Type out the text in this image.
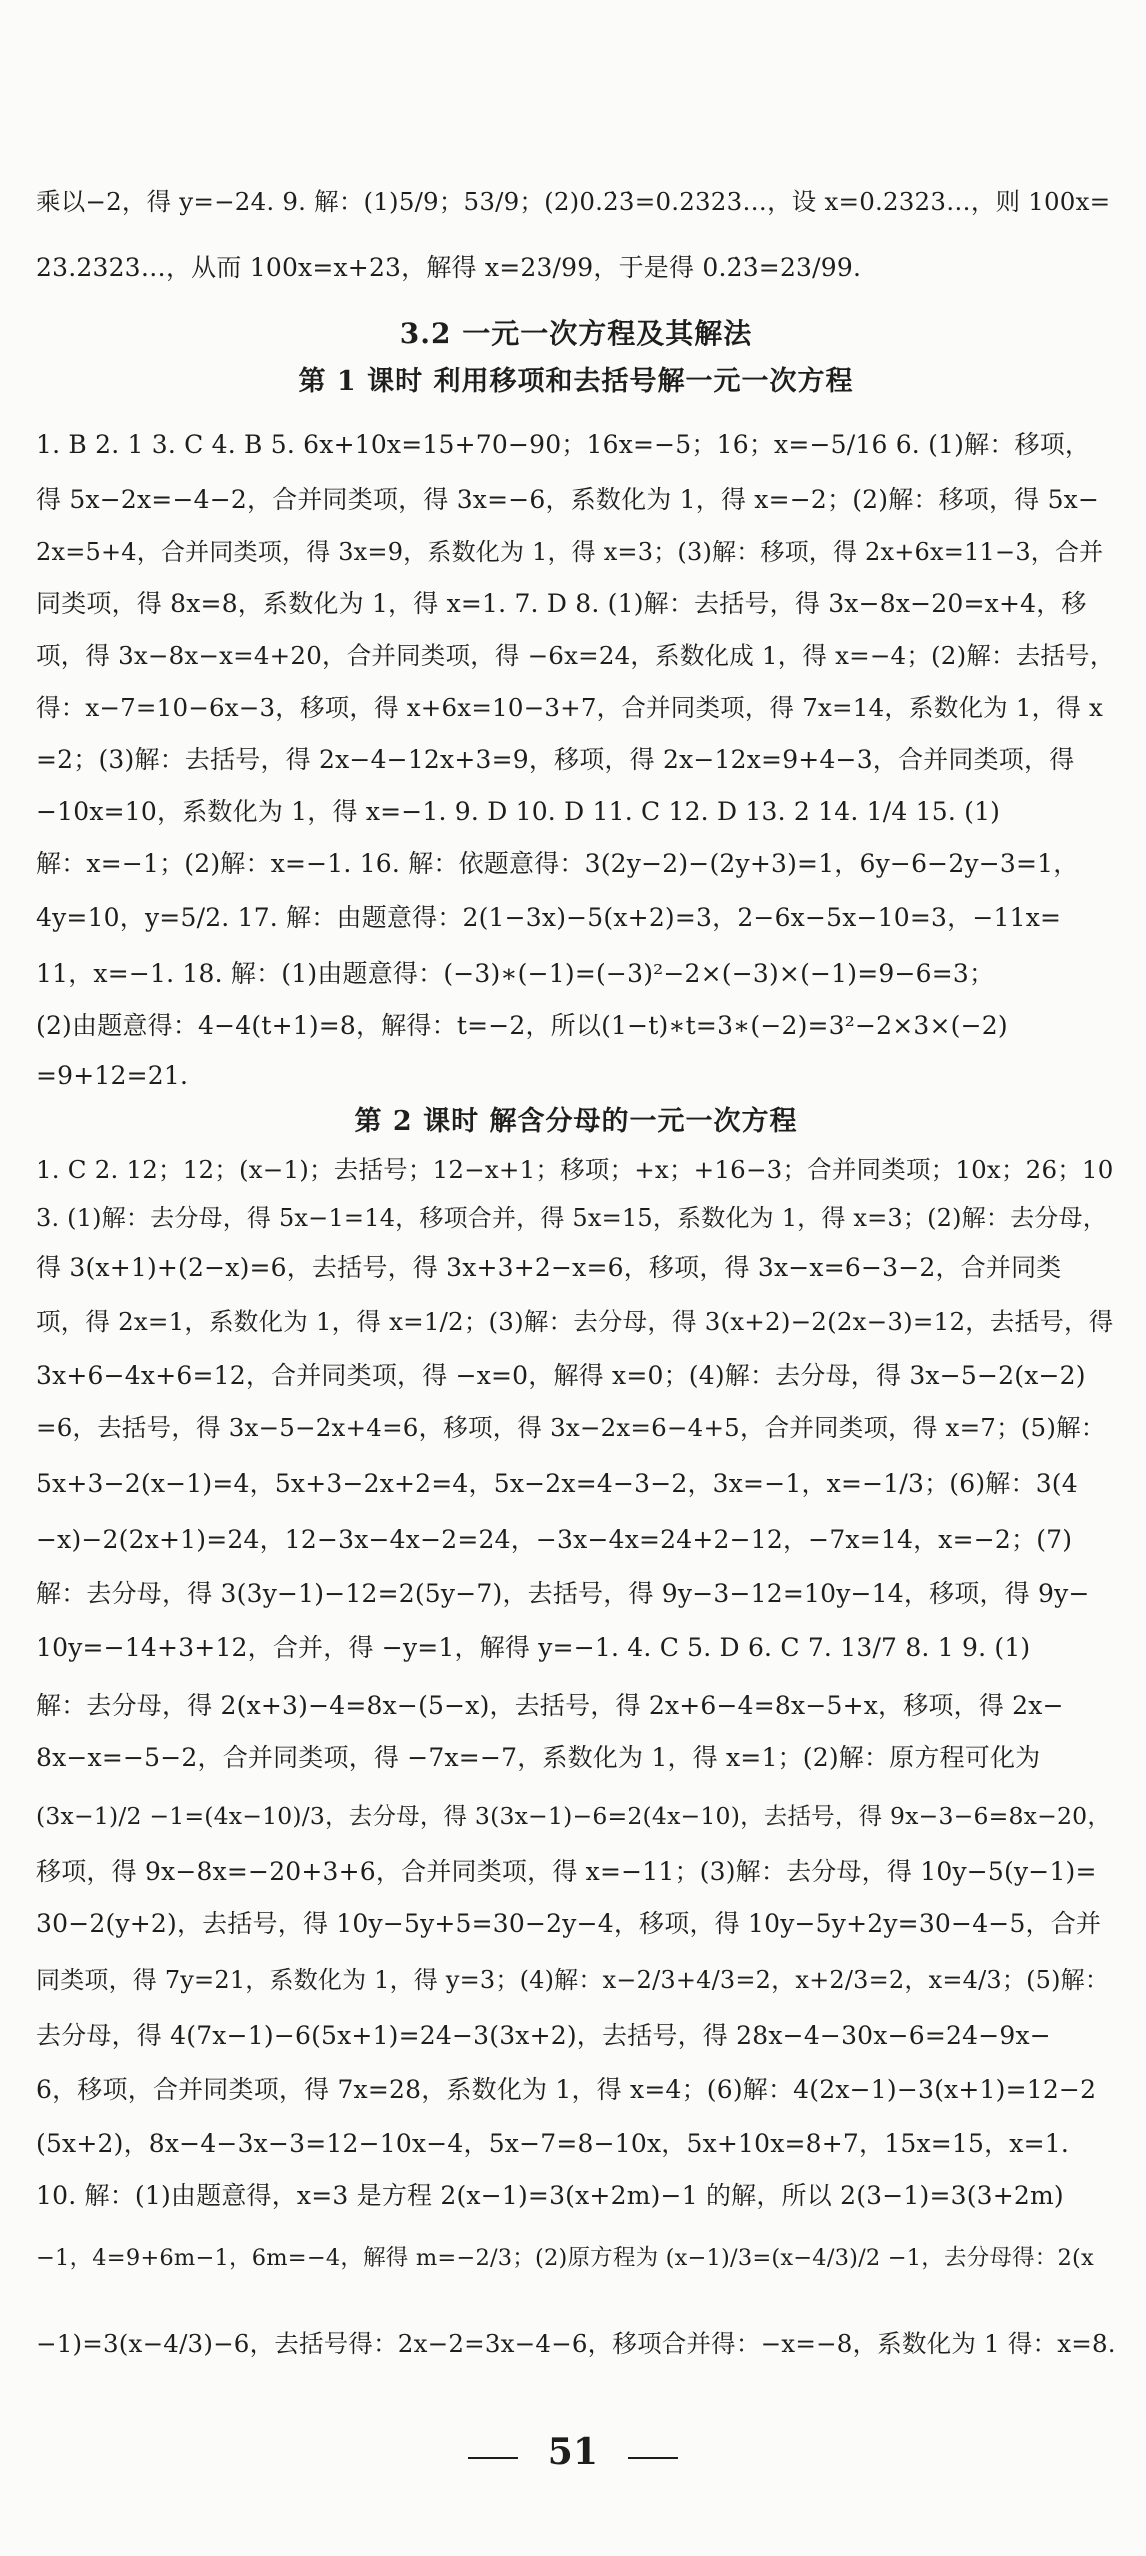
乘以−2，得 y=−24. 9. 解：(1)5/9；53/9；(2)0.2̇3̇=0.2323…，设 x=0.2323…，则 100x=
23.2323…，从而 100x=x+23，解得 x=23/99，于是得 0.2̇3̇=23/99.
3.2 一元一次方程及其解法
第 1 课时 利用移项和去括号解一元一次方程
1. B 2. 1 3. C 4. B 5. 6x+10x=15+70−90；16x=−5；16；x=−5/16 6. (1)解：移项，
得 5x−2x=−4−2，合并同类项，得 3x=−6，系数化为 1，得 x=−2；(2)解：移项，得 5x−
2x=5+4，合并同类项，得 3x=9，系数化为 1，得 x=3；(3)解：移项，得 2x+6x=11−3，合并
同类项，得 8x=8，系数化为 1，得 x=1. 7. D 8. (1)解：去括号，得 3x−8x−20=x+4，移
项，得 3x−8x−x=4+20，合并同类项，得 −6x=24，系数化成 1，得 x=−4；(2)解：去括号，
得：x−7=10−6x−3，移项，得 x+6x=10−3+7，合并同类项，得 7x=14，系数化为 1，得 x
=2；(3)解：去括号，得 2x−4−12x+3=9，移项，得 2x−12x=9+4−3，合并同类项，得
−10x=10，系数化为 1，得 x=−1. 9. D 10. D 11. C 12. D 13. 2 14. 1/4 15. (1)
解：x=−1；(2)解：x=−1. 16. 解：依题意得：3(2y−2)−(2y+3)=1，6y−6−2y−3=1，
4y=10，y=5/2. 17. 解：由题意得：2(1−3x)−5(x+2)=3，2−6x−5x−10=3，−11x=
11，x=−1. 18. 解：(1)由题意得：(−3)∗(−1)=(−3)²−2×(−3)×(−1)=9−6=3；
(2)由题意得：4−4(t+1)=8，解得：t=−2，所以(1−t)∗t=3∗(−2)=3²−2×3×(−2)
=9+12=21.
第 2 课时 解含分母的一元一次方程
1. C 2. 12；12；(x−1)；去括号；12−x+1；移项；+x；+16−3；合并同类项；10x；26；10
3. (1)解：去分母，得 5x−1=14，移项合并，得 5x=15，系数化为 1，得 x=3；(2)解：去分母，
得 3(x+1)+(2−x)=6，去括号，得 3x+3+2−x=6，移项，得 3x−x=6−3−2，合并同类
项，得 2x=1，系数化为 1，得 x=1/2；(3)解：去分母，得 3(x+2)−2(2x−3)=12，去括号，得
3x+6−4x+6=12，合并同类项，得 −x=0，解得 x=0；(4)解：去分母，得 3x−5−2(x−2)
=6，去括号，得 3x−5−2x+4=6，移项，得 3x−2x=6−4+5，合并同类项，得 x=7；(5)解：
5x+3−2(x−1)=4，5x+3−2x+2=4，5x−2x=4−3−2，3x=−1，x=−1/3；(6)解：3(4
−x)−2(2x+1)=24，12−3x−4x−2=24，−3x−4x=24+2−12，−7x=14，x=−2；(7)
解：去分母，得 3(3y−1)−12=2(5y−7)，去括号，得 9y−3−12=10y−14，移项，得 9y−
10y=−14+3+12，合并，得 −y=1，解得 y=−1. 4. C 5. D 6. C 7. 13/7 8. 1 9. (1)
解：去分母，得 2(x+3)−4=8x−(5−x)，去括号，得 2x+6−4=8x−5+x，移项，得 2x−
8x−x=−5−2，合并同类项，得 −7x=−7，系数化为 1，得 x=1；(2)解：原方程可化为
(3x−1)/2 −1=(4x−10)/3，去分母，得 3(3x−1)−6=2(4x−10)，去括号，得 9x−3−6=8x−20，
移项，得 9x−8x=−20+3+6，合并同类项，得 x=−11；(3)解：去分母，得 10y−5(y−1)=
30−2(y+2)，去括号，得 10y−5y+5=30−2y−4，移项，得 10y−5y+2y=30−4−5，合并
同类项，得 7y=21，系数化为 1，得 y=3；(4)解：x−2/3+4/3=2，x+2/3=2，x=4/3；(5)解：
去分母，得 4(7x−1)−6(5x+1)=24−3(3x+2)，去括号，得 28x−4−30x−6=24−9x−
6，移项，合并同类项，得 7x=28，系数化为 1，得 x=4；(6)解：4(2x−1)−3(x+1)=12−2
(5x+2)，8x−4−3x−3=12−10x−4，5x−7=8−10x，5x+10x=8+7，15x=15，x=1.
10. 解：(1)由题意得，x=3 是方程 2(x−1)=3(x+2m)−1 的解，所以 2(3−1)=3(3+2m)
−1，4=9+6m−1，6m=−4，解得 m=−2/3；(2)原方程为 (x−1)/3=(x−4/3)/2 −1，去分母得：2(x
−1)=3(x−4/3)−6，去括号得：2x−2=3x−4−6，移项合并得：−x=−8，系数化为 1 得：x=8.
51
